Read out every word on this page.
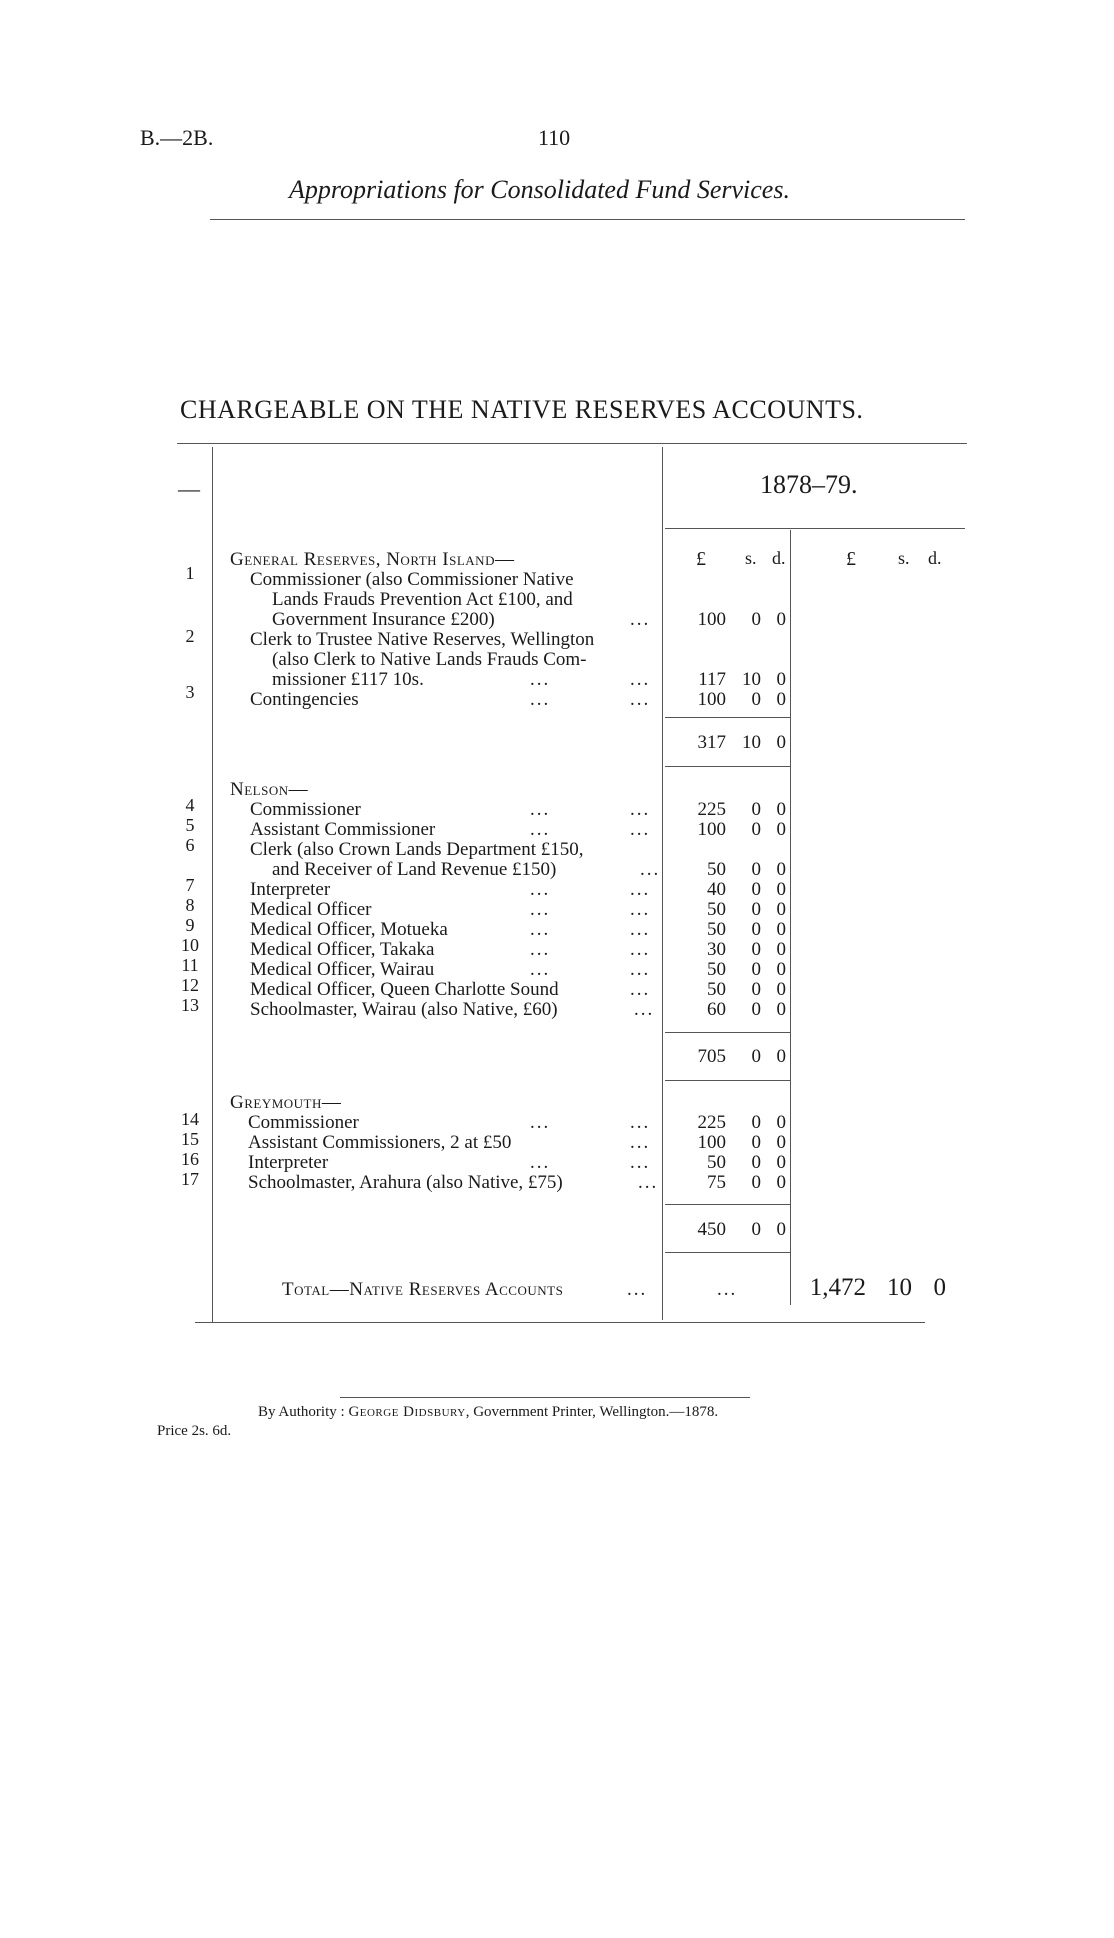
B.—2B.	110
Appropriations for Consolidated Fund Services.
CHARGEABLE ON THE NATIVE RESERVES ACCOUNTS.
—	1878–79.
£ s. d.	£ s. d.
General Reserves, North Island—
1	Commissioner (also Commissioner Native
Lands Frauds Prevention Act £100, and
Government Insurance £200)	...	100	0 0
2	Clerk to Trustee Native Reserves, Wellington
(also Clerk to Native Lands Frauds Com-
missioner £117 10s.	...	...	117 10 0
3	Contingencies	...	...	100	0 0
317 10 0
Nelson—
4	Commissioner	...	...	225	0 0
5	Assistant Commissioner	...	...	100	0 0
6	Clerk (also Crown Lands Department £150,
and Receiver of Land Revenue £150)	...	50	0 0
7	Interpreter	...	...	40	0 0
8	Medical Officer	...	...	50	0 0
9	Medical Officer, Motueka	...	...	50	0 0
10	Medical Officer, Takaka	...	...	30	0 0
11	Medical Officer, Wairau	...	...	50	0 0
12	Medical Officer, Queen Charlotte Sound	...	50	0 0
13	Schoolmaster, Wairau (also Native, £60)	...	60	0 0
705	0 0
Greymouth—
14	Commissioner	...	...	225	0 0
15	Assistant Commissioners, 2 at £50	...	100	0 0
16	Interpreter	...	...	50	0 0
17	Schoolmaster, Arahura (also Native, £75)	...	75	0 0
450	0 0
Total—Native Reserves Accounts	...	...	1,472 10 0
By Authority : George Didsbury, Government Printer, Wellington.—1878.
Price 2s. 6d.
